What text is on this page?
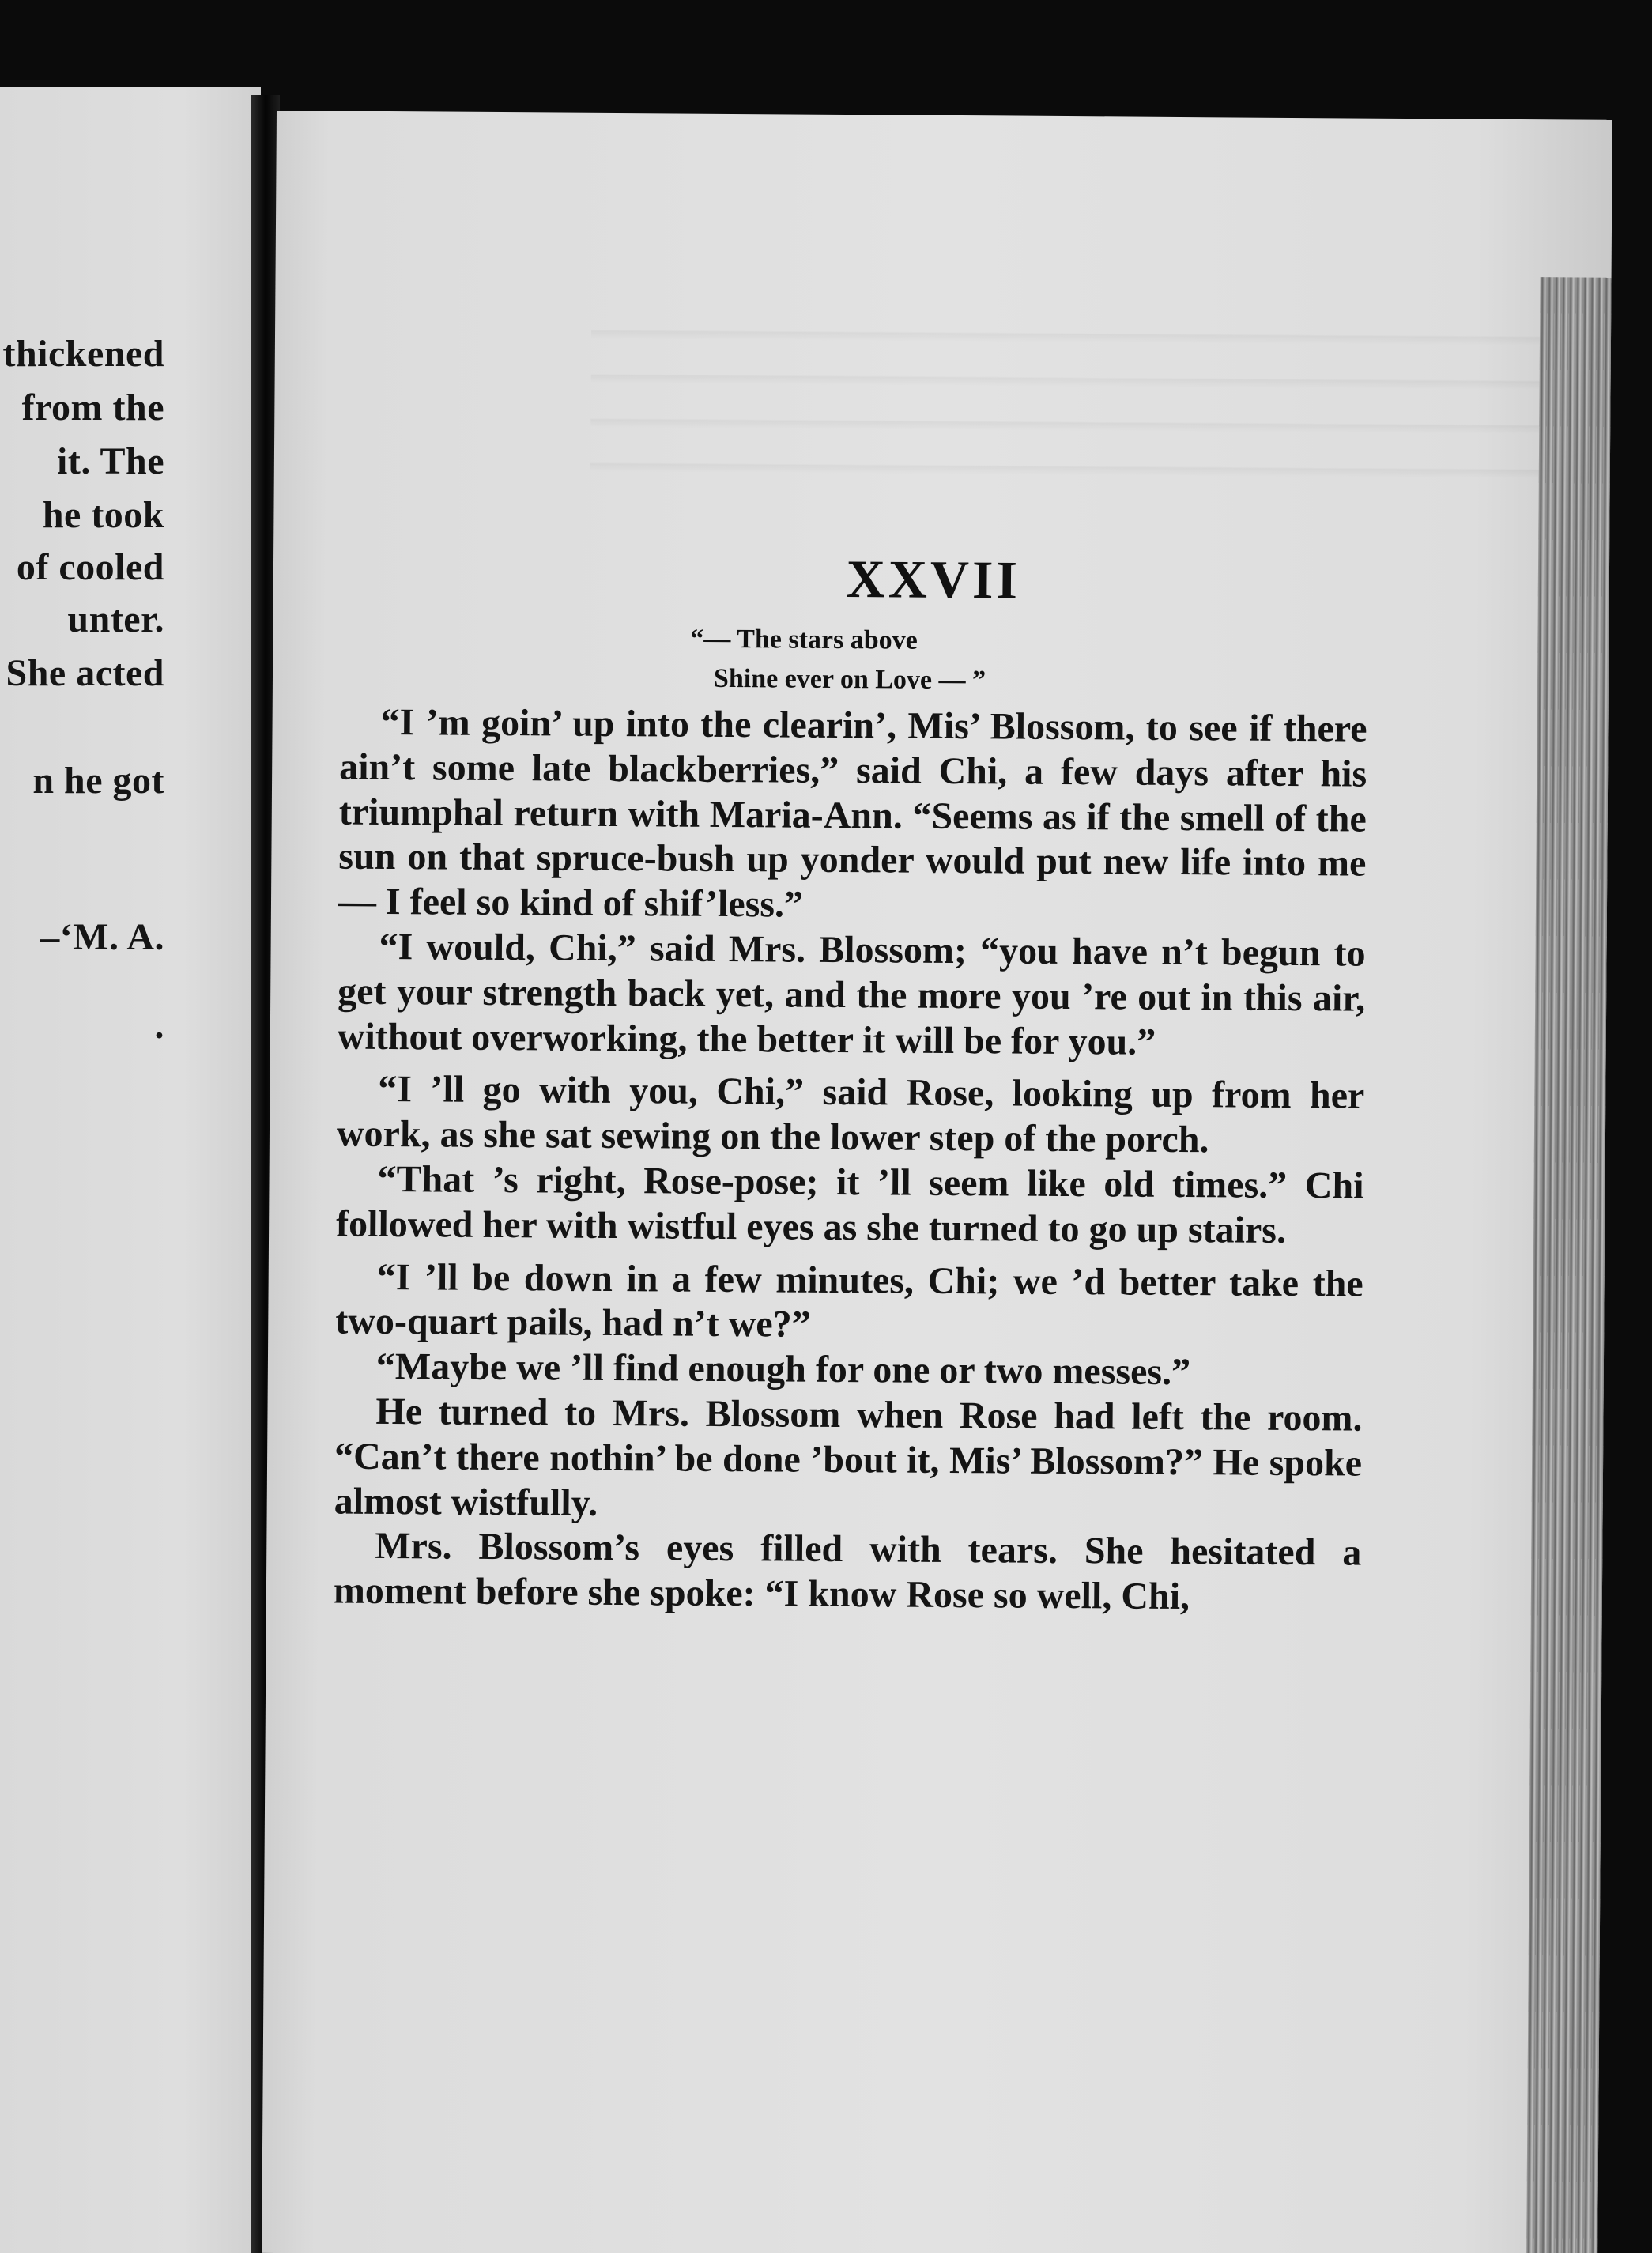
thickened
from the
it. The
he took
of cooled
unter.
She acted
n he got
–‘M. A.
.
XXVII
“— The stars above
Shine ever on Love — ”

“I ’m goin’ up into the clearin’, Mis’ Blossom, to see if there ain’t some late blackberries,” said Chi, a few days after his triumphal return with Maria-Ann. “Seems as if the smell of the sun on that spruce-bush up yonder would put new life into me — I feel so kind of shif’less.”

“I would, Chi,” said Mrs. Blossom; “you have n’t begun to get your strength back yet, and the more you ’re out in this air, without overworking, the better it will be for you.”

“I ’ll go with you, Chi,” said Rose, looking up from her work, as she sat sewing on the lower step of the porch.

“That ’s right, Rose-pose; it ’ll seem like old times.” Chi followed her with wistful eyes as she turned to go up stairs.

“I ’ll be down in a few minutes, Chi; we ’d better take the two-quart pails, had n’t we?”

“Maybe we ’ll find enough for one or two messes.”

He turned to Mrs. Blossom when Rose had left the room. “Can’t there nothin’ be done ’bout it, Mis’ Blossom?” He spoke almost wistfully.

Mrs. Blossom’s eyes filled with tears. She hesitated a moment before she spoke: “I know Rose so well, Chi,
